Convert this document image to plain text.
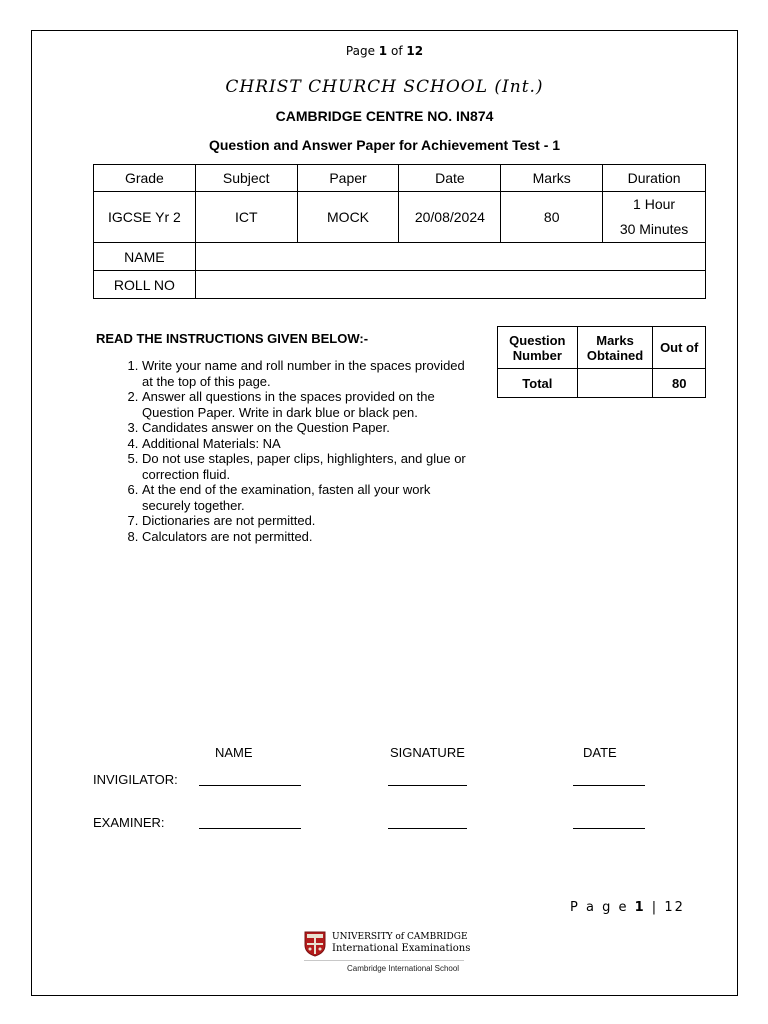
Page 1 of 12
CHRIST CHURCH SCHOOL (Int.)
CAMBRIDGE CENTRE NO. IN874
Question and Answer Paper for Achievement Test - 1
Grade	Subject	Paper	Date	Marks	Duration
IGCSE Yr 2	ICT	MOCK	20/08/2024	80	1 Hour
30 Minutes

NAME					
ROLL NO					
READ THE INSTRUCTIONS GIVEN BELOW:-
1. Write your name and roll number in the spaces provided at the top of this page.
2. Answer all questions in the spaces provided on the Question Paper. Write in dark blue or black pen.
3. Candidates answer on the Question Paper.
4. Additional Materials: NA
5. Do not use staples, paper clips, highlighters, and glue or correction fluid.
6. At the end of the examination, fasten all your work securely together.
7. Dictionaries are not permitted.
8. Calculators are not permitted.
Question Number	Marks Obtained	Out of
Total		80
NAME	SIGNATURE	DATE
INVIGILATOR:
EXAMINER:
P a g e 1 | 12
UNIVERSITY of CAMBRIDGE
International Examinations
Cambridge International School
